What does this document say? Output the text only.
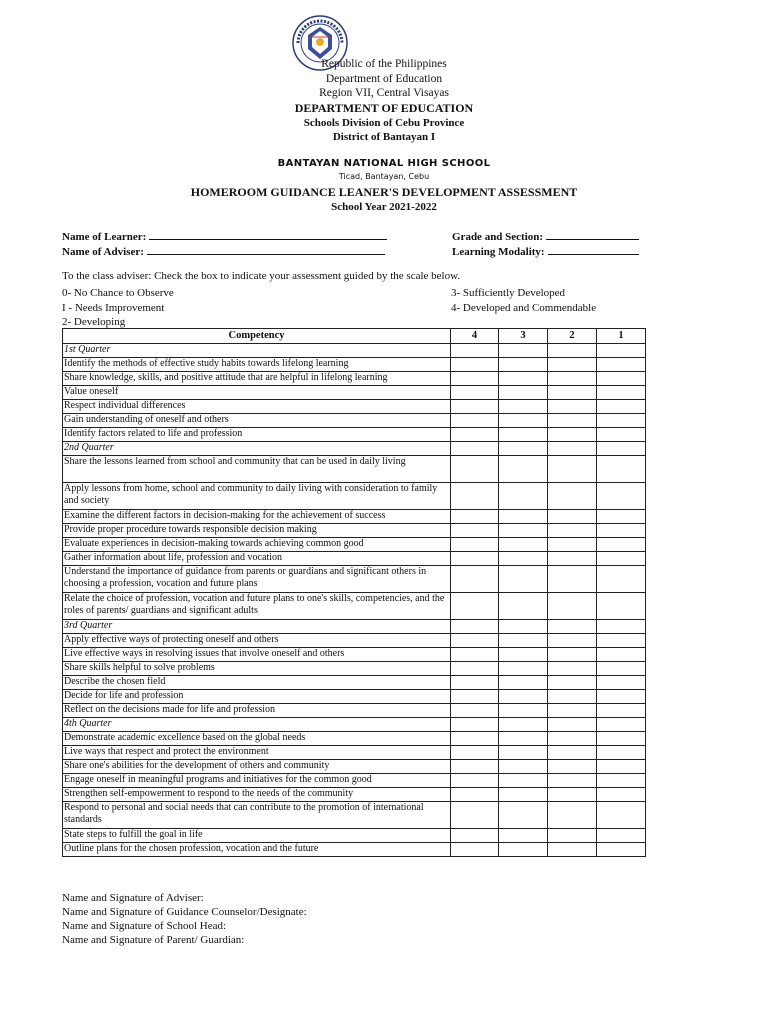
Republic of the Philippines
Department of Education
Region VII, Central Visayas
DEPARTMENT OF EDUCATION
Schools Division of Cebu Province
District of Bantayan I
BANTAYAN NATIONAL HIGH SCHOOL
Ticad, Bantayan, Cebu
HOMEROOM GUIDANCE LEANER'S DEVELOPMENT ASSESSMENT
School Year 2021-2022
Name of Learner:
Name of Adviser:
Grade and Section:
Learning Modality:
To the class adviser: Check the box to indicate your assessment guided by the scale below.
0- No Chance to Observe
I - Needs Improvement
2- Developing
3- Sufficiently Developed
4- Developed and Commendable
Competency	4	3	2	1
1st Quarter				
Identify the methods of effective study habits towards lifelong learning				
Share knowledge, skills, and positive attitude that are helpful in lifelong learning				
Value oneself				
Respect individual differences				
Gain understanding of oneself and others				
Identify factors related to life and profession				
2nd Quarter				
Share the lessons learned from school and community that can be used in daily living				
Apply lessons from home, school and community to daily living with consideration to family and society				
Examine the different factors in decision-making for the achievement of success				
Provide proper procedure towards responsible decision making				
Evaluate experiences in decision-making towards achieving common good				
Gather information about life, profession and vocation				
Understand the importance of guidance from parents or guardians and significant others in choosing a profession, vocation and future plans				
Relate the choice of profession, vocation and future plans to one's skills, competencies, and the roles of parents/ guardians and significant adults				
3rd Quarter				
Apply effective ways of protecting oneself and others				
Live effective ways in resolving issues that involve oneself and others				
Share skills helpful to solve problems				
Describe the chosen field				
Decide for life and profession				
Reflect on the decisions made for life and profession				
4th Quarter				
Demonstrate academic excellence based on the global needs				
Live ways that respect and protect the environment				
Share one's abilities for the development of others and community				
Engage oneself in meaningful programs and initiatives for the common good				
Strengthen self-empowerment to respond to the needs of the community				
Respond to personal and social needs that can contribute to the promotion of international standards				
State steps to fulfill the goal in life				
Outline plans for the chosen profession, vocation and the future				
Name and Signature of Adviser:
Name and Signature of Guidance Counselor/Designate:
Name and Signature of School Head:
Name and Signature of Parent/ Guardian:
